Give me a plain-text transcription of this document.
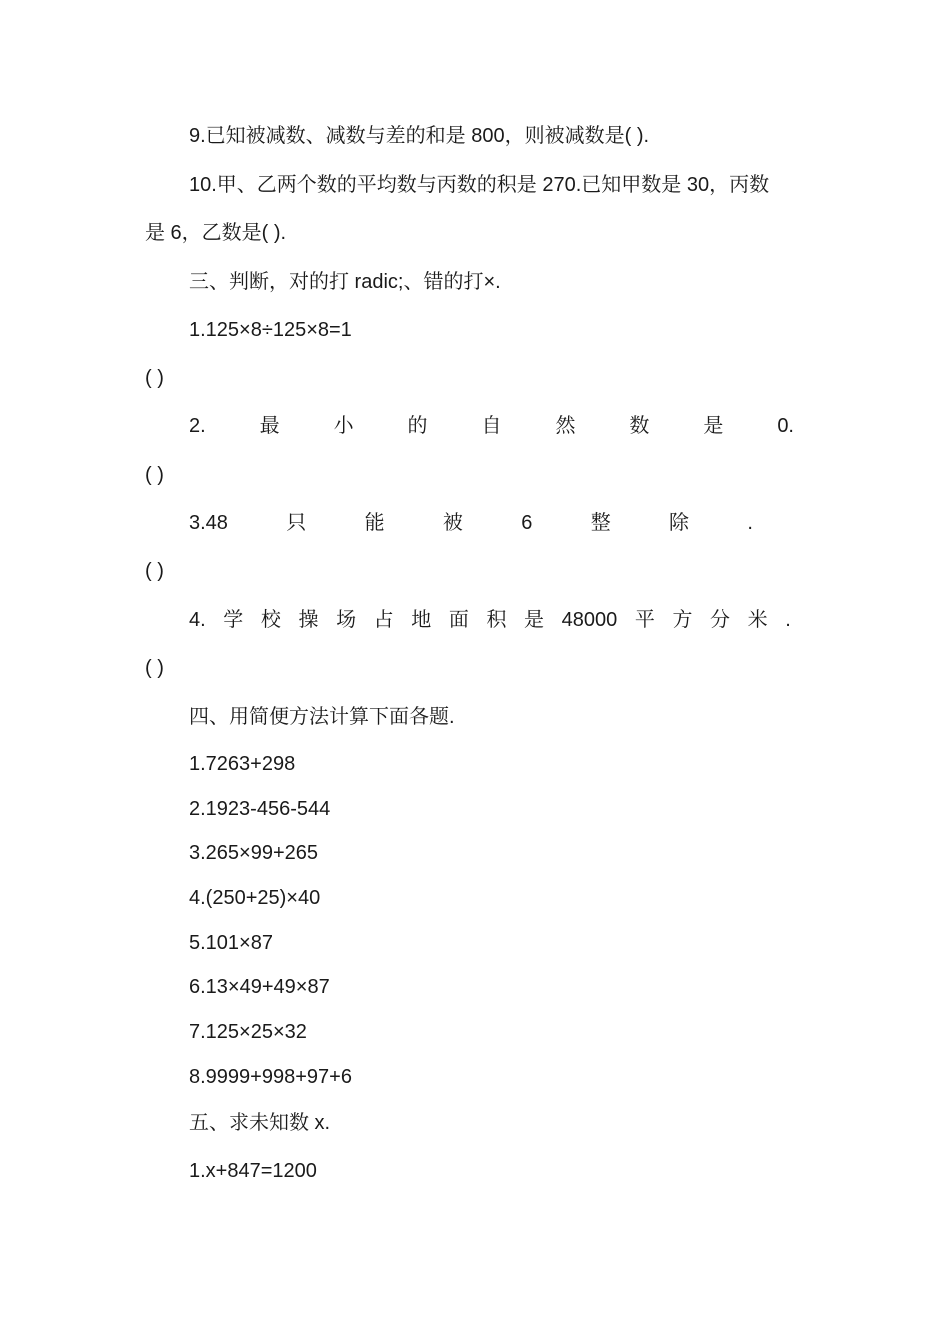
9.已知被减数、减数与差的和是 800，则被减数是( ).
10.甲、乙两个数的平均数与丙数的积是 270.已知甲数是 30，丙数
是 6，乙数是( ).
三、判断，对的打 radic;、错的打×.
1.125×8÷125×8=1
( )
2.	最	小	的	自	然	数	是	0.
( )
3.48	只	能	被	6	整	除	.
( )
4. 学 校 操 场 占 地 面 积 是 48000 平 方 分 米 .
( )
四、用简便方法计算下面各题.
1.7263+298
2.1923-456-544
3.265×99+265
4.(250+25)×40
5.101×87
6.13×49+49×87
7.125×25×32
8.9999+998+97+6
五、求未知数 x.
1.x+847=1200
